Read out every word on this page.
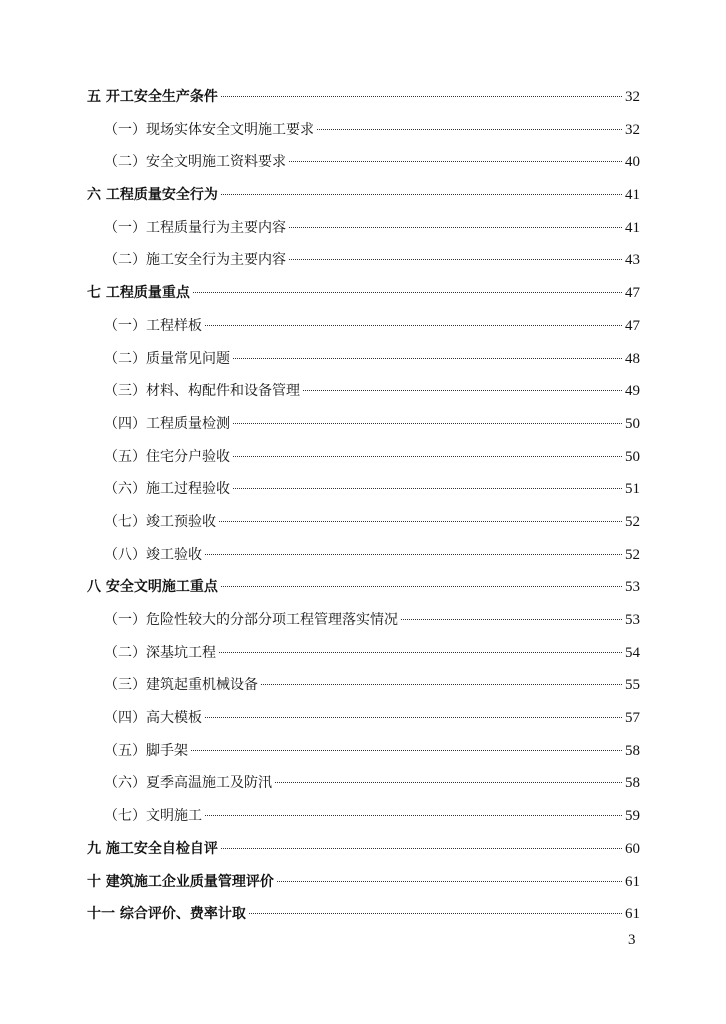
五 开工安全生产条件	32
（一）现场实体安全文明施工要求	32
（二）安全文明施工资料要求	40
六 工程质量安全行为	41
（一）工程质量行为主要内容	41
（二）施工安全行为主要内容	43
七 工程质量重点	47
（一）工程样板	47
（二）质量常见问题	48
（三）材料、构配件和设备管理	49
（四）工程质量检测	50
（五）住宅分户验收	50
（六）施工过程验收	51
（七）竣工预验收	52
（八）竣工验收	52
八 安全文明施工重点	53
（一）危险性较大的分部分项工程管理落实情况	53
（二）深基坑工程	54
（三）建筑起重机械设备	55
（四）高大模板	57
（五）脚手架	58
（六）夏季高温施工及防汛	58
（七）文明施工	59
九 施工安全自检自评	60
十 建筑施工企业质量管理评价	61
十一 综合评价、费率计取	61
3
